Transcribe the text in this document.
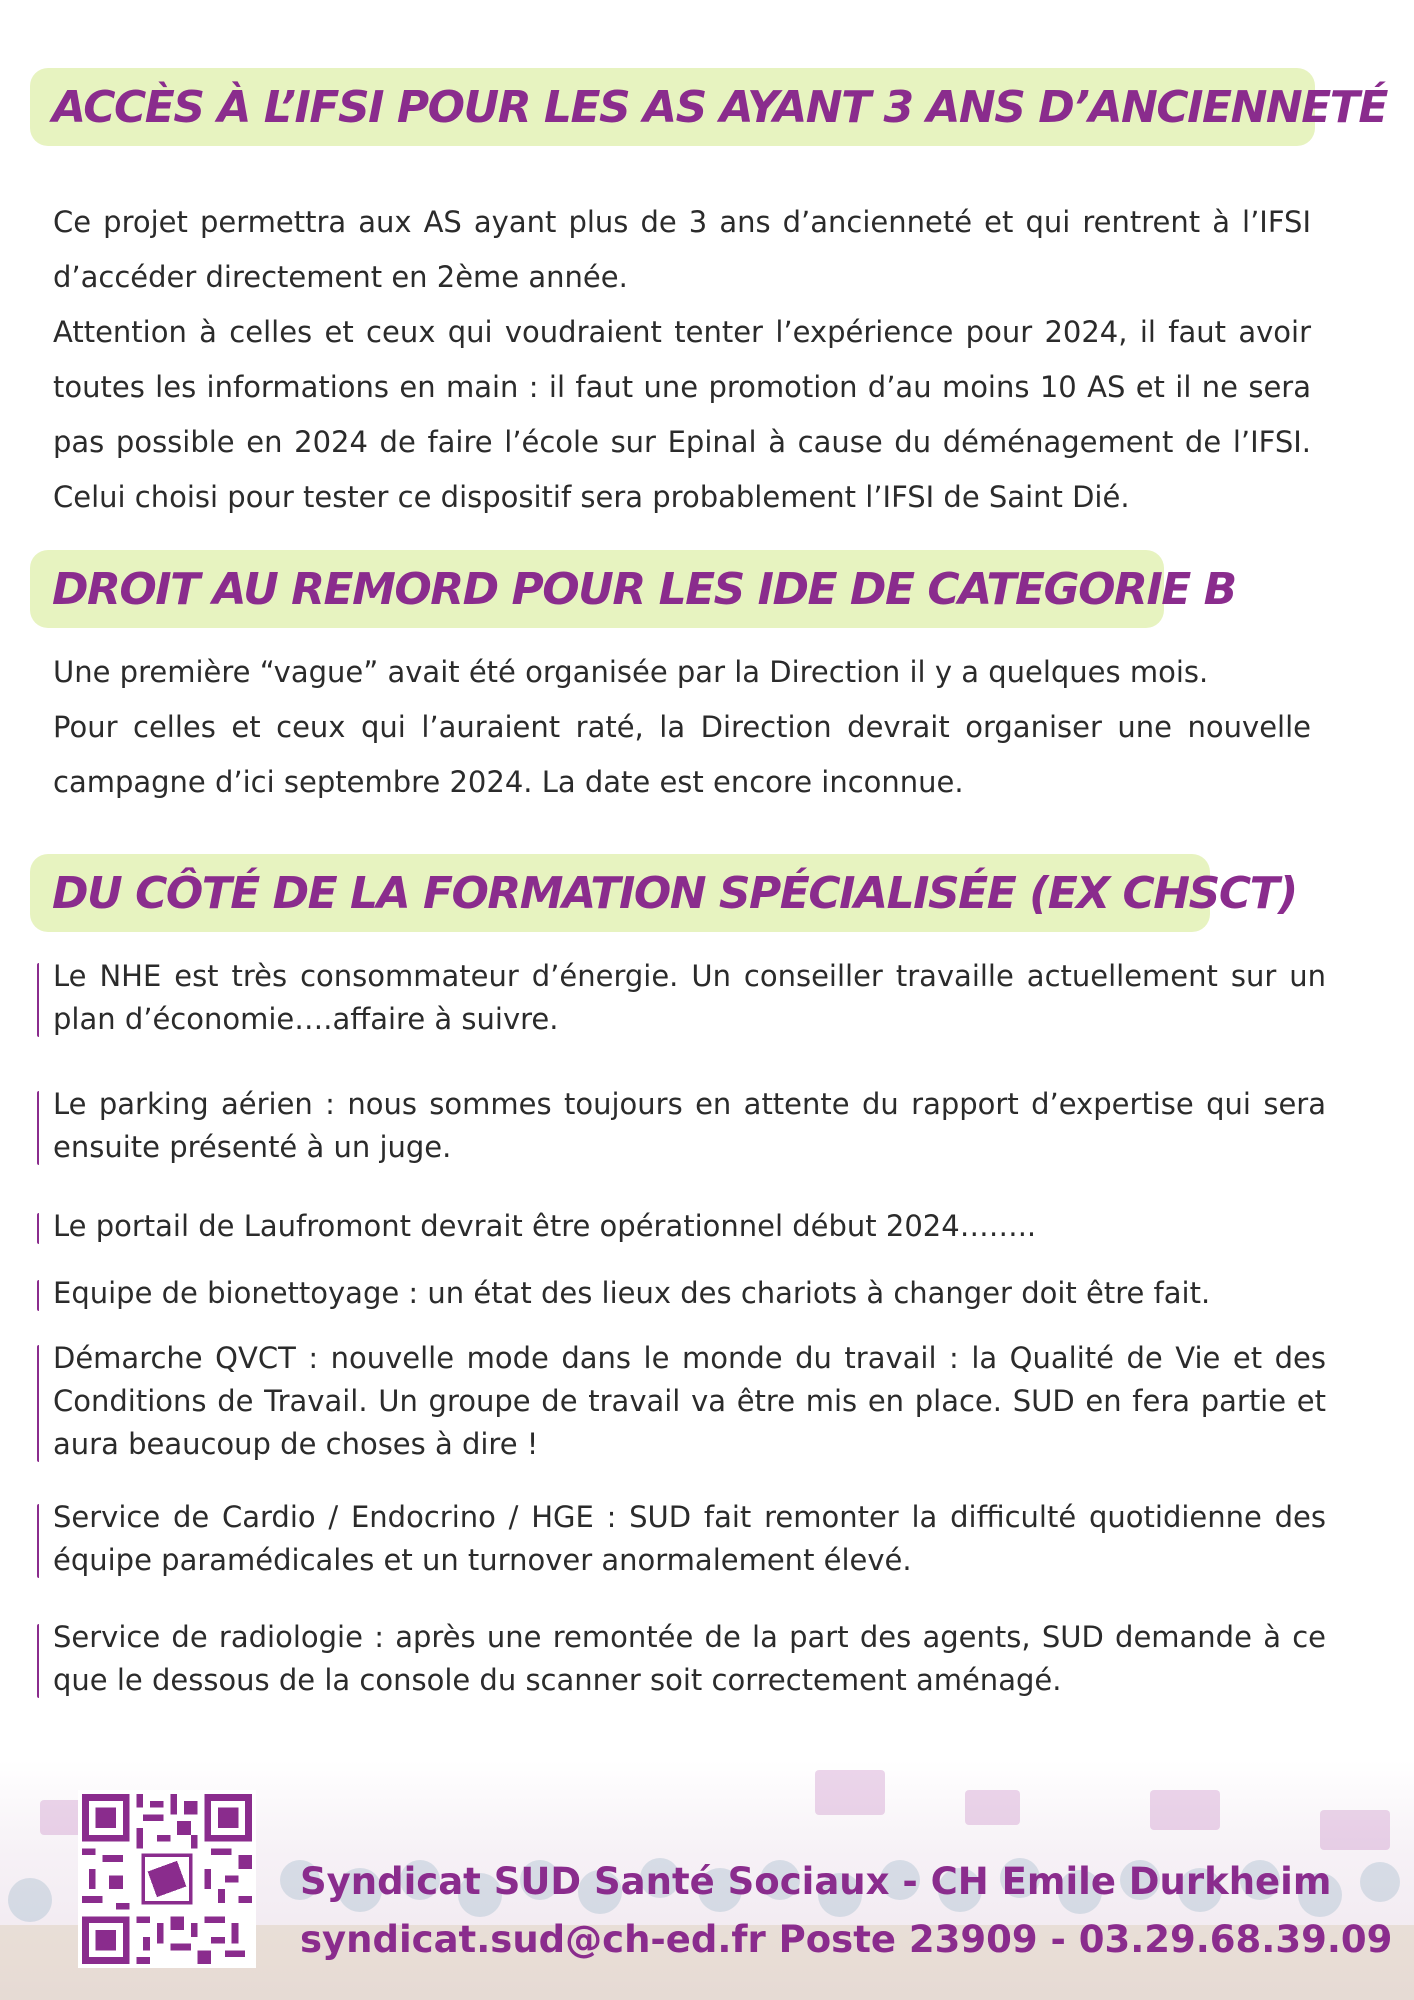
ACCÈS À L’IFSI POUR LES AS AYANT 3 ANS D’ANCIENNETÉ
Ce projet permettra aux AS ayant plus de 3 ans d’ancienneté et qui rentrent à l’IFSI d’accéder directement en 2ème année.
Attention à celles et ceux qui voudraient tenter l’expérience pour 2024, il faut avoir toutes les informations en main : il faut une promotion d’au moins 10 AS et il ne sera pas possible en 2024 de faire l’école sur Epinal à cause du déménagement de l’IFSI. Celui choisi pour tester ce dispositif sera probablement l’IFSI de Saint Dié.
DROIT AU REMORD POUR LES IDE DE CATEGORIE B
Une première “vague” avait été organisée par la Direction il y a quelques mois.
Pour celles et ceux qui l’auraient raté, la Direction devrait organiser une nouvelle campagne d’ici septembre 2024. La date est encore inconnue.
DU CÔTÉ DE LA FORMATION SPÉCIALISÉE (EX CHSCT)

Le NHE est très consommateur d’énergie. Un conseiller travaille actuellement sur un plan d’économie….affaire à suivre.

Le parking aérien : nous sommes toujours en attente du rapport d’expertise qui sera ensuite présenté à un juge.

Le portail de Laufromont devrait être opérationnel début 2024……..

Equipe de bionettoyage : un état des lieux des chariots à changer doit être fait.

Démarche QVCT : nouvelle mode dans le monde du travail : la Qualité de Vie et des Conditions de Travail. Un groupe de travail va être mis en place. SUD en fera partie et aura beaucoup de choses à dire !

Service de Cardio / Endocrino / HGE : SUD fait remonter la difficulté quotidienne des équipe paramédicales et un turnover anormalement élevé.

Service de radiologie : après une remontée de la part des agents, SUD demande à ce que le dessous de la console du scanner soit correctement aménagé.

Syndicat SUD Santé Sociaux - CH Emile Durkheim

syndicat.sud@ch-ed.fr Poste 23909 - 03.29.68.39.09
